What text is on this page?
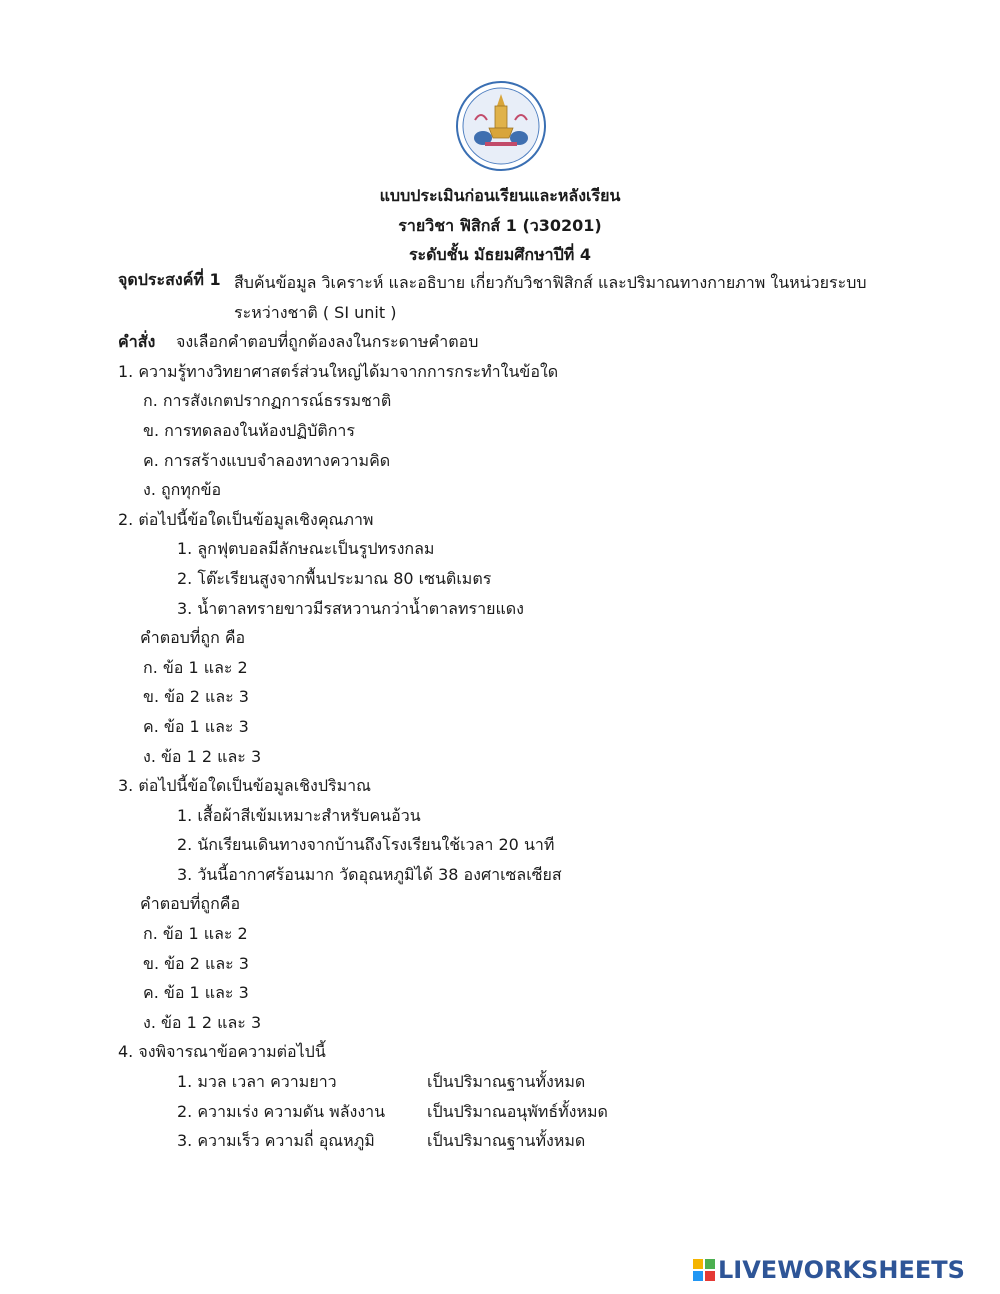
แบบประเมินก่อนเรียนและหลังเรียน
รายวิชา ฟิสิกส์ 1 (ว30201)
ระดับชั้น มัธยมศึกษาปีที่ 4
จุดประสงค์ที่ 1 สืบค้นข้อมูล วิเคราะห์ และอธิบาย เกี่ยวกับวิชาฟิสิกส์ และปริมาณทางกายภาพ ในหน่วยระบบระหว่างชาติ ( SI unit )
คำสั่ง จงเลือกคำตอบที่ถูกต้องลงในกระดาษคำตอบ
1. ความรู้ทางวิทยาศาสตร์ส่วนใหญ่ได้มาจากการกระทำในข้อใด
ก. การสังเกตปรากฏการณ์ธรรมชาติ
ข. การทดลองในห้องปฏิบัติการ
ค. การสร้างแบบจำลองทางความคิด
ง. ถูกทุกข้อ
2. ต่อไปนี้ข้อใดเป็นข้อมูลเชิงคุณภาพ
1. ลูกฟุตบอลมีลักษณะเป็นรูปทรงกลม
2. โต๊ะเรียนสูงจากพื้นประมาณ 80 เซนติเมตร
3. น้ำตาลทรายขาวมีรสหวานกว่าน้ำตาลทรายแดง
คำตอบที่ถูก คือ
ก. ข้อ 1 และ 2
ข. ข้อ 2 และ 3
ค. ข้อ 1 และ 3
ง. ข้อ 1 2 และ 3
3. ต่อไปนี้ข้อใดเป็นข้อมูลเชิงปริมาณ
1. เสื้อผ้าสีเข้มเหมาะสำหรับคนอ้วน
2. นักเรียนเดินทางจากบ้านถึงโรงเรียนใช้เวลา 20 นาที
3. วันนี้อากาศร้อนมาก วัดอุณหภูมิได้ 38 องศาเซลเซียส
คำตอบที่ถูกคือ
ก. ข้อ 1 และ 2
ข. ข้อ 2 และ 3
ค. ข้อ 1 และ 3
ง. ข้อ 1 2 และ 3
4. จงพิจารณาข้อความต่อไปนี้
1. มวล เวลา ความยาว	เป็นปริมาณฐานทั้งหมด
2. ความเร่ง ความดัน พลังงาน	เป็นปริมาณอนุพัทธ์ทั้งหมด
3. ความเร็ว ความถี่ อุณหภูมิ	เป็นปริมาณฐานทั้งหมด
LIVEWORKSHEETS
